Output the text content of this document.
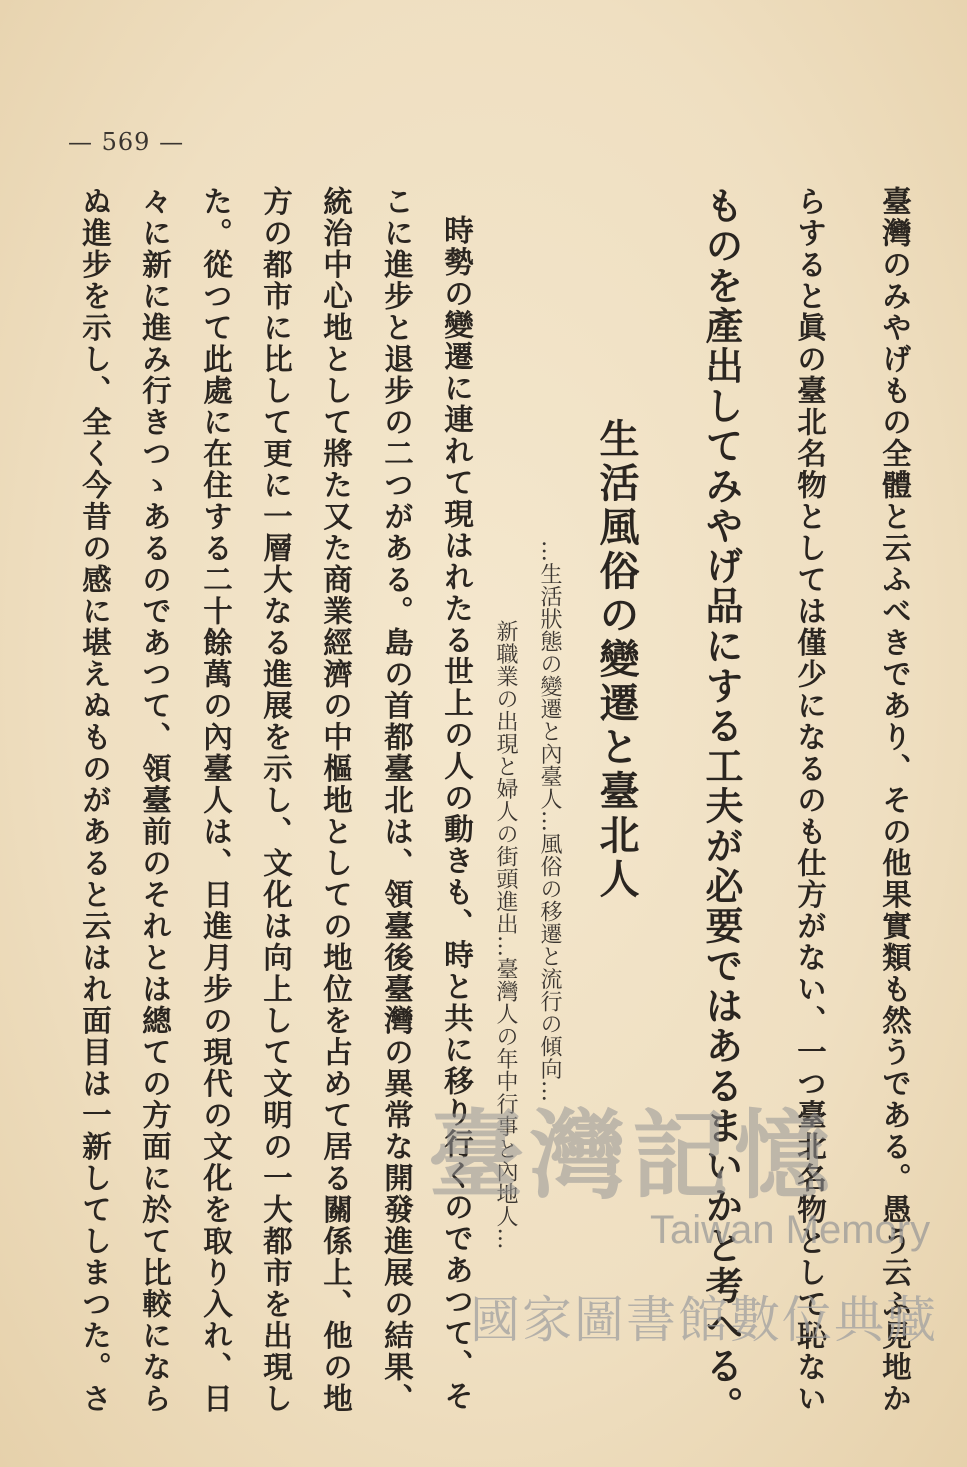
— 569 —
臺灣のみやげもの全體と云ふべきであり、その他果實類も然うである。愚う云ふ見地か
らすると眞の臺北名物としては僅少になるのも仕方がない、一つ臺北名物として恥ない
ものを產出してみやげ品にする工夫が必要ではあるまいかと考へる。
生活風俗の變遷と臺北人
…生活狀態の變遷と內臺人…風俗の移遷と流行の傾向…
新職業の出現と婦人の街頭進出…臺灣人の年中行事と內地人…
時勢の變遷に連れて現はれたる世上の人の動きも、時と共に移り行くのであつて、そ
こに進步と退步の二つがある。島の首都臺北は、領臺後臺灣の異常な開發進展の結果、
統治中心地として將た又た商業經濟の中樞地としての地位を占めて居る關係上、他の地
方の都市に比して更に一層大なる進展を示し、文化は向上して文明の一大都市を出現し
た。從つて此處に在住する二十餘萬の內臺人は、日進月步の現代の文化を取り入れ、日
々に新に進み行きつゝあるのであつて、領臺前のそれとは總ての方面に於て比較になら
ぬ進步を示し、全く今昔の感に堪えぬものがあると云はれ面目は一新してしまつた。さ	臺灣記憶
Taiwan Memory
國家圖書館數位典藏
